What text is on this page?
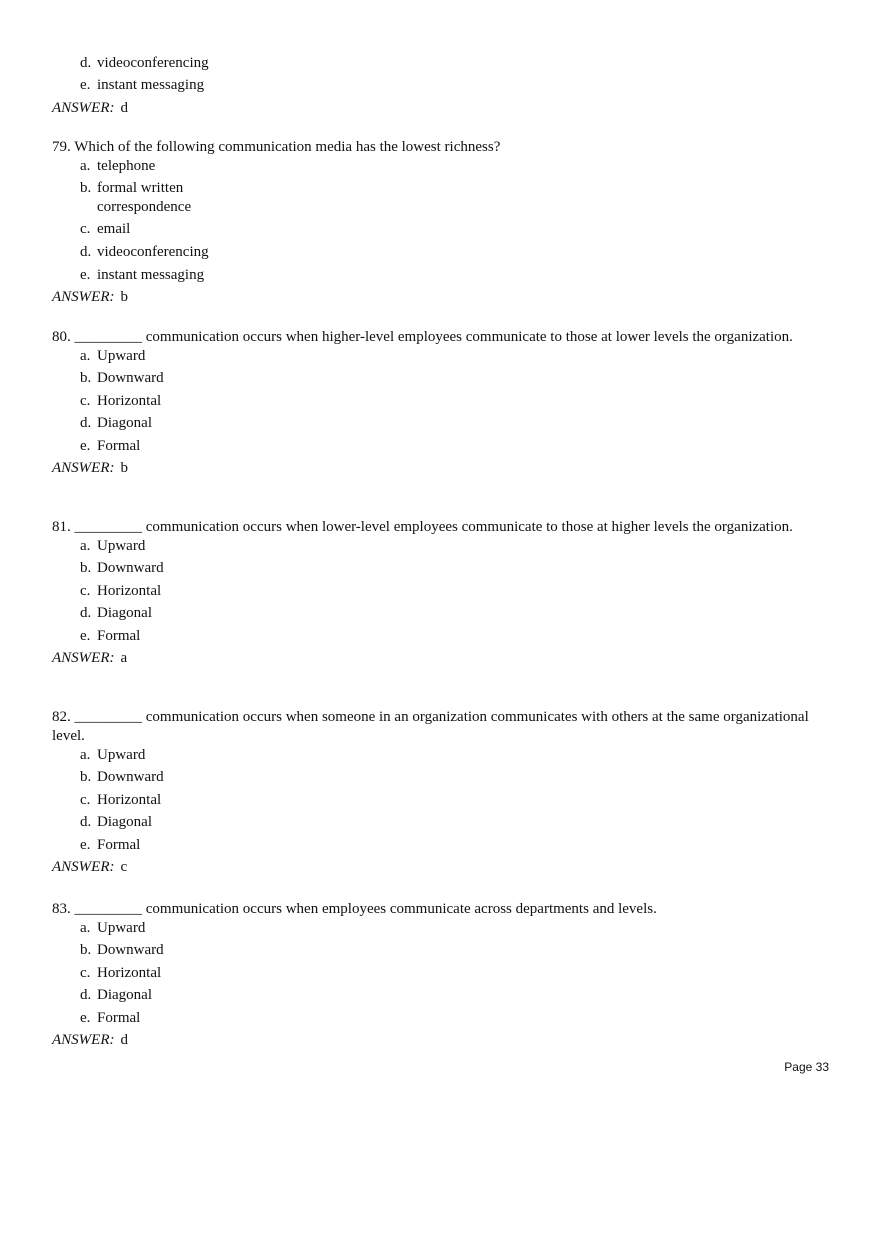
d. videoconferencing
e. instant messaging
ANSWER: d

79. Which of the following communication media has the lowest richness?

a. telephone
b. formal written correspondence
c. email
d. videoconferencing
e. instant messaging
ANSWER: b

80. _________ communication occurs when higher-level employees communicate to those at lower levels the organization.

a. Upward
b. Downward
c. Horizontal
d. Diagonal
e. Formal
ANSWER: b

81. _________ communication occurs when lower-level employees communicate to those at higher levels the organization.

a. Upward
b. Downward
c. Horizontal
d. Diagonal
e. Formal
ANSWER: a

82. _________ communication occurs when someone in an organization communicates with others at the same organizational level.

a. Upward
b. Downward
c. Horizontal
d. Diagonal
e. Formal
ANSWER: c

83. _________ communication occurs when employees communicate across departments and levels.

a. Upward
b. Downward
c. Horizontal
d. Diagonal
e. Formal
ANSWER: d
Page 33
